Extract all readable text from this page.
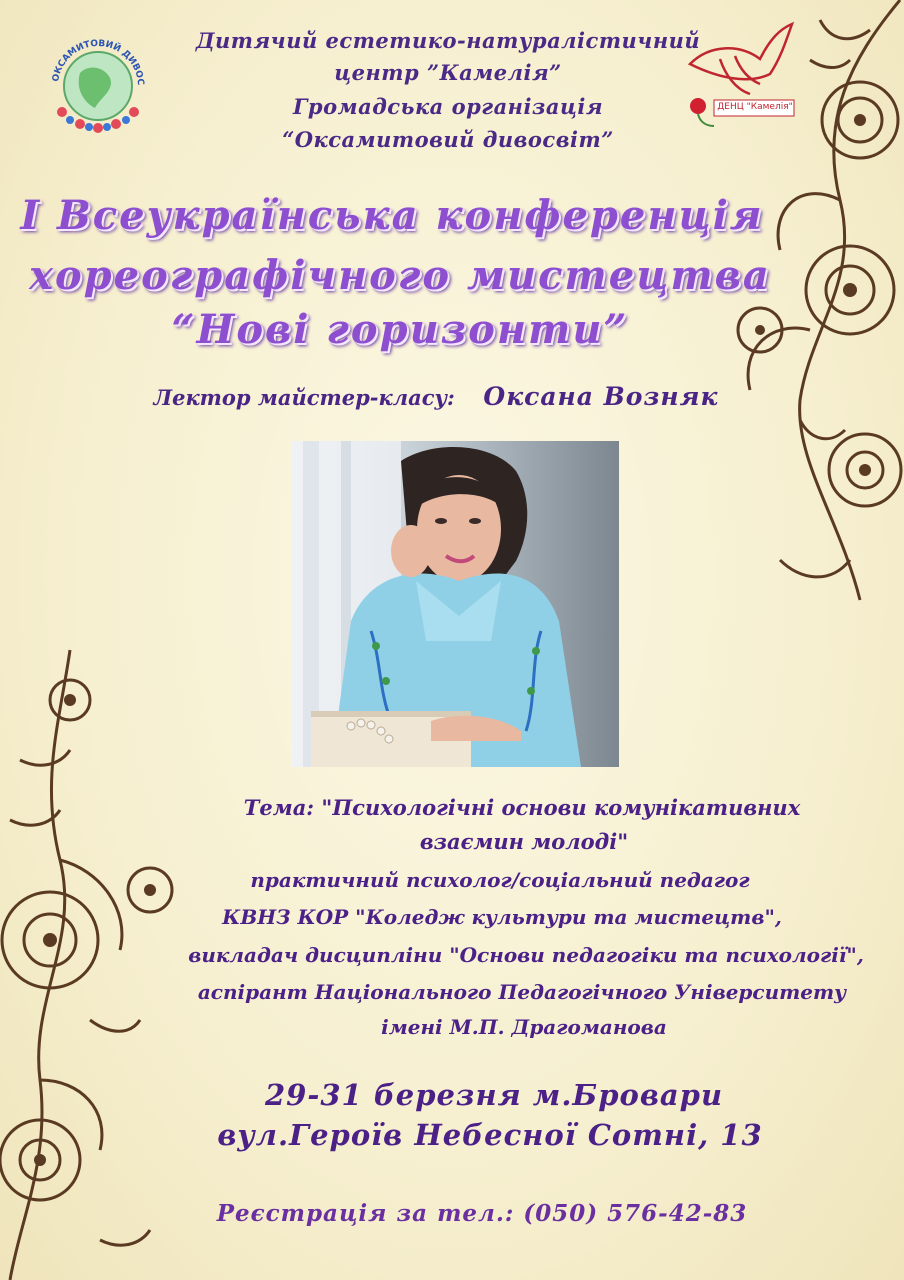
ОКСАМИТОВИЙ ДИВОС
ДЕНЦ "Камелія"
Дитячий естетико-натуралістичний
центр ”Камелія”
Громадська організація
“Оксамитовий дивосвіт”
І Всеукраїнська конференція
хореографічного мистецтва
“Нові горизонти”
Лектор майстер-класу: Оксана Возняк
Тема: "Психологічні основи комунікативних
взаємин молоді"
практичний психолог/соціальний педагог
КВНЗ КОР "Коледж культури та мистецтв",
викладач дисципліни "Основи педагогіки та психології",
аспірант Національного Педагогічного Університету
імені М.П. Драгоманова
29-31 березня м.Бровари
вул.Героїв Небесної Сотні, 13
Реєстрація за тел.: (050) 576-42-83
